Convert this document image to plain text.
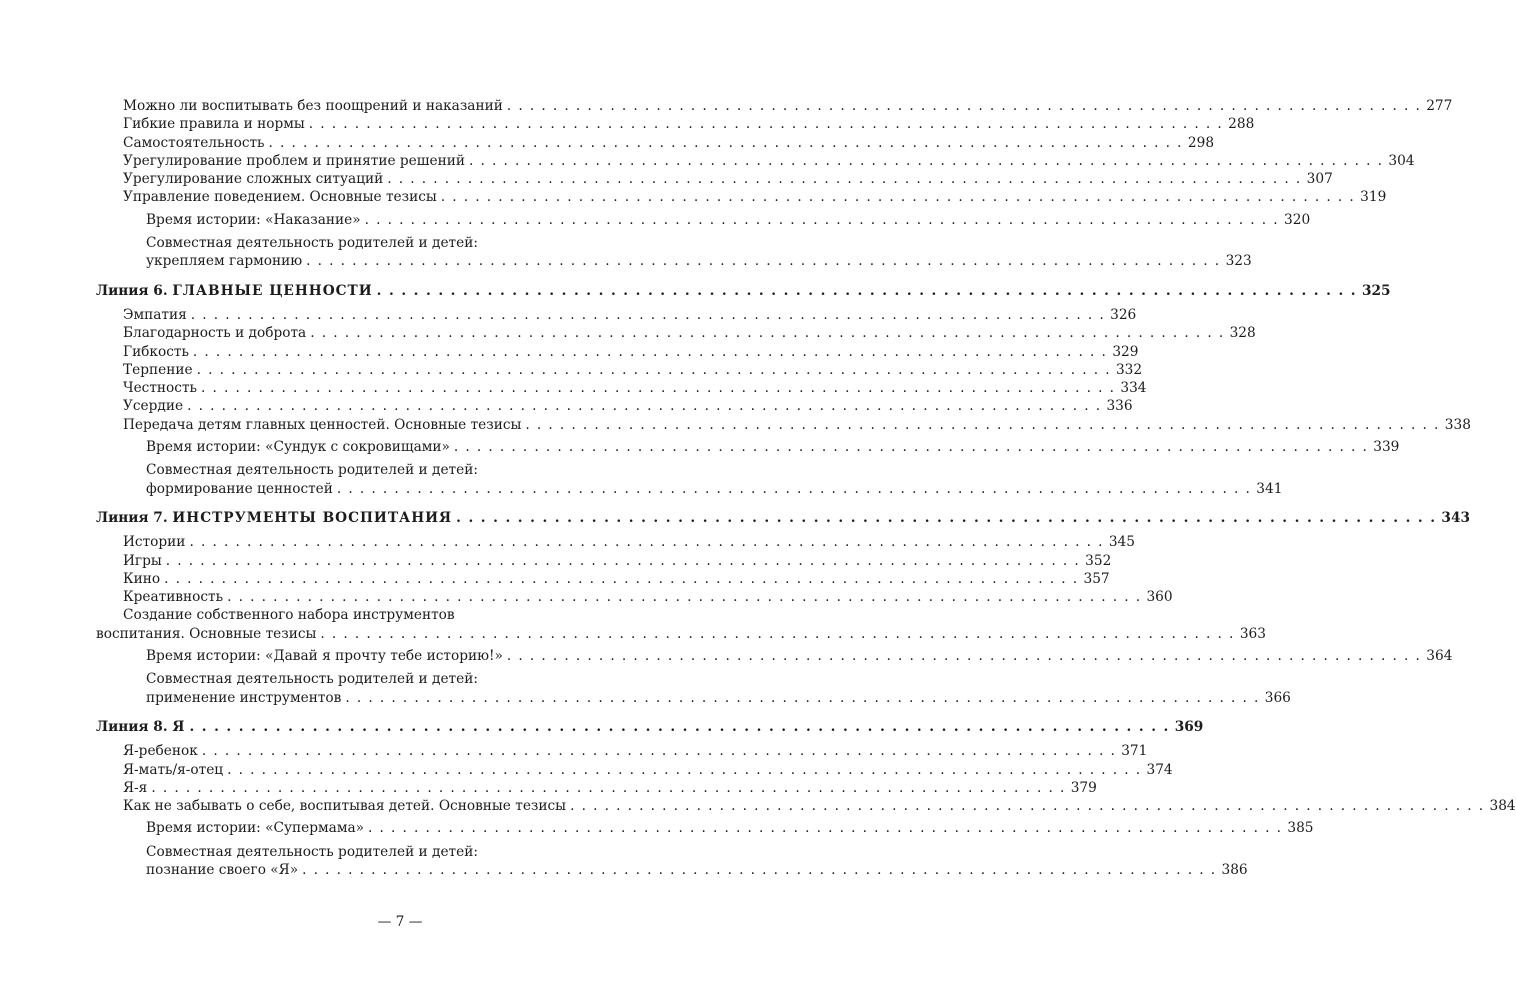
Можно ли воспитывать без поощрений и наказаний . . . . . . . . . . . . . . . . . . . . . . . . . . . . . . . . . . . . . . . . . . . . . . . . . . . . . . . . . . . . . . . . . . . . . . . . . . . . . . . . 277
Гибкие правила и нормы . . . . . . . . . . . . . . . . . . . . . . . . . . . . . . . . . . . . . . . . . . . . . . . . . . . . . . . . . . . . . . . . . . . . . . . . . . . . . . . . 288
Самостоятельность . . . . . . . . . . . . . . . . . . . . . . . . . . . . . . . . . . . . . . . . . . . . . . . . . . . . . . . . . . . . . . . . . . . . . . . . . . . . . . . . 298
Урегулирование проблем и принятие решений . . . . . . . . . . . . . . . . . . . . . . . . . . . . . . . . . . . . . . . . . . . . . . . . . . . . . . . . . . . . . . . . . . . . . . . . . . . . . . . . 304
Урегулирование сложных ситуаций . . . . . . . . . . . . . . . . . . . . . . . . . . . . . . . . . . . . . . . . . . . . . . . . . . . . . . . . . . . . . . . . . . . . . . . . . . . . . . . . 307
Управление поведением. Основные тезисы . . . . . . . . . . . . . . . . . . . . . . . . . . . . . . . . . . . . . . . . . . . . . . . . . . . . . . . . . . . . . . . . . . . . . . . . . . . . . . . . 319
Время истории: «Наказание» . . . . . . . . . . . . . . . . . . . . . . . . . . . . . . . . . . . . . . . . . . . . . . . . . . . . . . . . . . . . . . . . . . . . . . . . . . . . . . . . 320
Совместная деятельность родителей и детей:
укрепляем гармонию . . . . . . . . . . . . . . . . . . . . . . . . . . . . . . . . . . . . . . . . . . . . . . . . . . . . . . . . . . . . . . . . . . . . . . . . . . . . . . . . 323
Линия 6. ГЛАВНЫЕ ЦЕННОСТИ . . . . . . . . . . . . . . . . . . . . . . . . . . . . . . . . . . . . . . . . . . . . . . . . . . . . . . . . . . . . . . . . . . . . . . . . . . . . . . . . 325
Эмпатия . . . . . . . . . . . . . . . . . . . . . . . . . . . . . . . . . . . . . . . . . . . . . . . . . . . . . . . . . . . . . . . . . . . . . . . . . . . . . . . . 326
Благодарность и доброта . . . . . . . . . . . . . . . . . . . . . . . . . . . . . . . . . . . . . . . . . . . . . . . . . . . . . . . . . . . . . . . . . . . . . . . . . . . . . . . . 328
Гибкость . . . . . . . . . . . . . . . . . . . . . . . . . . . . . . . . . . . . . . . . . . . . . . . . . . . . . . . . . . . . . . . . . . . . . . . . . . . . . . . . 329
Терпение . . . . . . . . . . . . . . . . . . . . . . . . . . . . . . . . . . . . . . . . . . . . . . . . . . . . . . . . . . . . . . . . . . . . . . . . . . . . . . . . 332
Честность . . . . . . . . . . . . . . . . . . . . . . . . . . . . . . . . . . . . . . . . . . . . . . . . . . . . . . . . . . . . . . . . . . . . . . . . . . . . . . . . 334
Усердие . . . . . . . . . . . . . . . . . . . . . . . . . . . . . . . . . . . . . . . . . . . . . . . . . . . . . . . . . . . . . . . . . . . . . . . . . . . . . . . . 336
Передача детям главных ценностей. Основные тезисы . . . . . . . . . . . . . . . . . . . . . . . . . . . . . . . . . . . . . . . . . . . . . . . . . . . . . . . . . . . . . . . . . . . . . . . . . . . . . . . . 338
Время истории: «Сундук с сокровищами» . . . . . . . . . . . . . . . . . . . . . . . . . . . . . . . . . . . . . . . . . . . . . . . . . . . . . . . . . . . . . . . . . . . . . . . . . . . . . . . . 339
Совместная деятельность родителей и детей:
формирование ценностей . . . . . . . . . . . . . . . . . . . . . . . . . . . . . . . . . . . . . . . . . . . . . . . . . . . . . . . . . . . . . . . . . . . . . . . . . . . . . . . . 341
Линия 7. ИНСТРУМЕНТЫ ВОСПИТАНИЯ . . . . . . . . . . . . . . . . . . . . . . . . . . . . . . . . . . . . . . . . . . . . . . . . . . . . . . . . . . . . . . . . . . . . . . . . . . . . . . . . 343
Истории . . . . . . . . . . . . . . . . . . . . . . . . . . . . . . . . . . . . . . . . . . . . . . . . . . . . . . . . . . . . . . . . . . . . . . . . . . . . . . . . 345
Игры . . . . . . . . . . . . . . . . . . . . . . . . . . . . . . . . . . . . . . . . . . . . . . . . . . . . . . . . . . . . . . . . . . . . . . . . . . . . . . . . 352
Кино . . . . . . . . . . . . . . . . . . . . . . . . . . . . . . . . . . . . . . . . . . . . . . . . . . . . . . . . . . . . . . . . . . . . . . . . . . . . . . . . 357
Креативность . . . . . . . . . . . . . . . . . . . . . . . . . . . . . . . . . . . . . . . . . . . . . . . . . . . . . . . . . . . . . . . . . . . . . . . . . . . . . . . . 360
Создание собственного набора инструментов
воспитания. Основные тезисы . . . . . . . . . . . . . . . . . . . . . . . . . . . . . . . . . . . . . . . . . . . . . . . . . . . . . . . . . . . . . . . . . . . . . . . . . . . . . . . . 363
Время истории: «Давай я прочту тебе историю!» . . . . . . . . . . . . . . . . . . . . . . . . . . . . . . . . . . . . . . . . . . . . . . . . . . . . . . . . . . . . . . . . . . . . . . . . . . . . . . . . 364
Совместная деятельность родителей и детей:
применение инструментов . . . . . . . . . . . . . . . . . . . . . . . . . . . . . . . . . . . . . . . . . . . . . . . . . . . . . . . . . . . . . . . . . . . . . . . . . . . . . . . . 366
Линия 8. Я . . . . . . . . . . . . . . . . . . . . . . . . . . . . . . . . . . . . . . . . . . . . . . . . . . . . . . . . . . . . . . . . . . . . . . . . . . . . . . . . 369
Я-ребенок . . . . . . . . . . . . . . . . . . . . . . . . . . . . . . . . . . . . . . . . . . . . . . . . . . . . . . . . . . . . . . . . . . . . . . . . . . . . . . . . 371
Я-мать/я-отец . . . . . . . . . . . . . . . . . . . . . . . . . . . . . . . . . . . . . . . . . . . . . . . . . . . . . . . . . . . . . . . . . . . . . . . . . . . . . . . . 374
Я-я . . . . . . . . . . . . . . . . . . . . . . . . . . . . . . . . . . . . . . . . . . . . . . . . . . . . . . . . . . . . . . . . . . . . . . . . . . . . . . . . 379
Как не забывать о себе, воспитывая детей. Основные тезисы . . . . . . . . . . . . . . . . . . . . . . . . . . . . . . . . . . . . . . . . . . . . . . . . . . . . . . . . . . . . . . . . . . . . . . . . . . . . . . . . 384
Время истории: «Супермама» . . . . . . . . . . . . . . . . . . . . . . . . . . . . . . . . . . . . . . . . . . . . . . . . . . . . . . . . . . . . . . . . . . . . . . . . . . . . . . . . 385
Совместная деятельность родителей и детей:
познание своего «Я» . . . . . . . . . . . . . . . . . . . . . . . . . . . . . . . . . . . . . . . . . . . . . . . . . . . . . . . . . . . . . . . . . . . . . . . . . . . . . . . . 386
— 7 —
